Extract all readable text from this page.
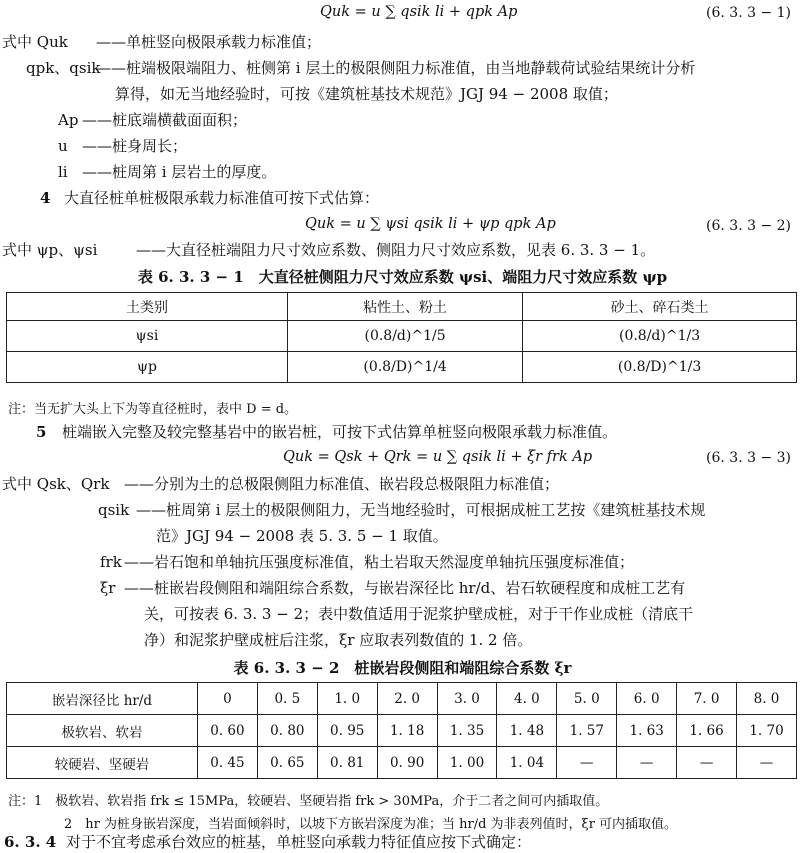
Quk = u ∑ qsik li + qpk Ap	(6. 3. 3 − 1)
式中 Quk ——单桩竖向极限承载力标准值；
qpk、qsik
——桩端极限端阻力、桩侧第 i 层土的极限侧阻力标准值，由当地静载荷试验结果统计分析
算得，如无当地经验时，可按《建筑桩基技术规范》JGJ 94 − 2008 取值；
Ap ——桩底端横截面面积；
u ——桩身周长；
li ——桩周第 i 层岩土的厚度。
4 大直径桩单桩极限承载力标准值可按下式估算：
Quk = u ∑ ψsi qsik li + ψp qpk Ap	(6. 3. 3 − 2)
式中 ψp、ψsi	——大直径桩端阻力尺寸效应系数、侧阻力尺寸效应系数，见表 6. 3. 3 − 1。
表 6. 3. 3 − 1　大直径桩侧阻力尺寸效应系数 ψsi、端阻力尺寸效应系数 ψp
土类别	粘性土、粉土	砂土、碎石类土
ψsi	(0.8/d)^1/5	(0.8/d)^1/3
ψp	(0.8/D)^1/4	(0.8/D)^1/3
注：当无扩大头上下为等直径桩时，表中 D = d。
5 桩端嵌入完整及较完整基岩中的嵌岩桩，可按下式估算单桩竖向极限承载力标准值。
Quk = Qsk + Qrk = u ∑ qsik li + ξr frk Ap	(6. 3. 3 − 3)
式中 Qsk、Qrk ——分别为土的总极限侧阻力标准值、嵌岩段总极限阻力标准值；
qsik ——桩周第 i 层土的极限侧阻力，无当地经验时，可根据成桩工艺按《建筑桩基技术规
范》JGJ 94 − 2008 表 5. 3. 5 − 1 取值。
frk ——岩石饱和单轴抗压强度标准值，粘土岩取天然湿度单轴抗压强度标准值；
ξr ——桩嵌岩段侧阻和端阻综合系数，与嵌岩深径比 hr/d、岩石软硬程度和成桩工艺有
关，可按表 6. 3. 3 − 2；表中数值适用于泥浆护壁成桩，对于干作业成桩（清底干
净）和泥浆护壁成桩后注浆，ξr 应取表列数值的 1. 2 倍。
表 6. 3. 3 − 2　桩嵌岩段侧阻和端阻综合系数 ξr
嵌岩深径比 hr/d	0	0. 5	1. 0	2. 0	3. 0	4. 0	5. 0	6. 0	7. 0	8. 0
极软岩、软岩	0. 60	0. 80	0. 95	1. 18	1. 35	1. 48	1. 57	1. 63	1. 66	1. 70
较硬岩、坚硬岩	0. 45	0. 65	0. 81	0. 90	1. 00	1. 04	—	—	—	—
注：1　极软岩、软岩指 frk ≤ 15MPa，较硬岩、坚硬岩指 frk > 30MPa，介于二者之间可内插取值。
2　hr 为桩身嵌岩深度，当岩面倾斜时，以坡下方嵌岩深度为准；当 hr/d 为非表列值时，ξr 可内插取值。
6. 3. 4 对于不宜考虑承台效应的桩基，单桩竖向承载力特征值应按下式确定：
